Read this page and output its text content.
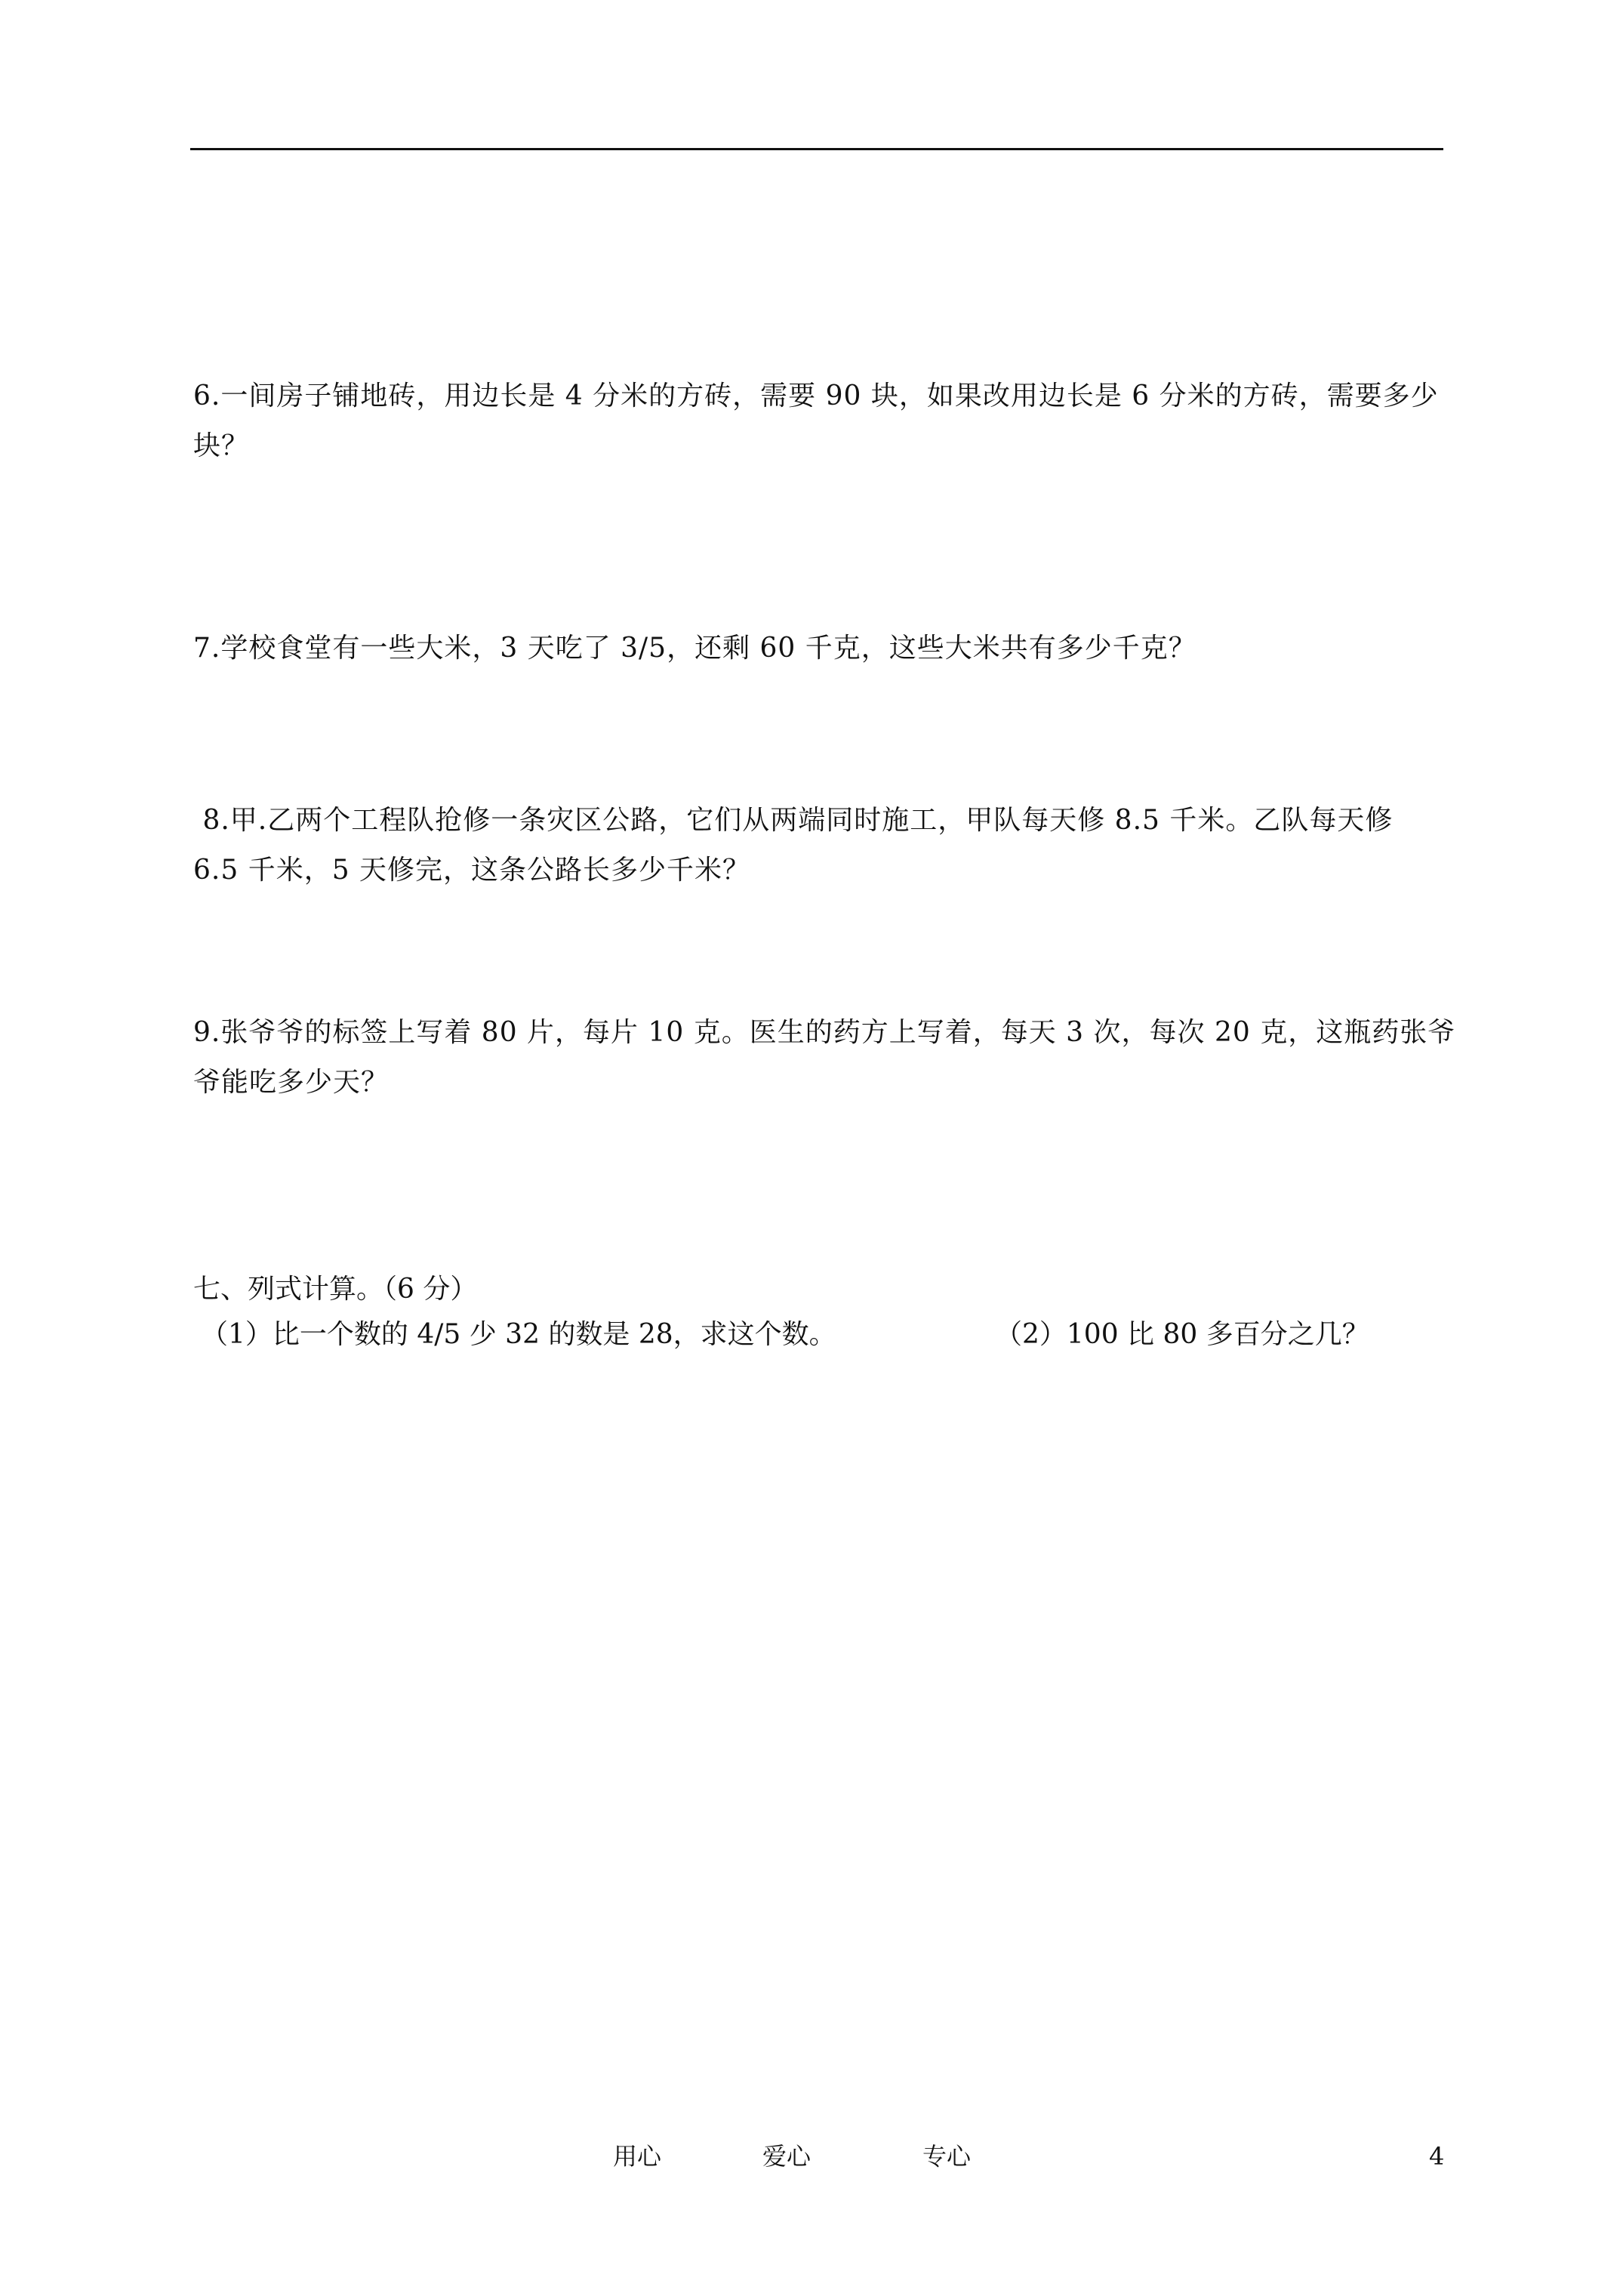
6.一间房子铺地砖，用边长是 4 分米的方砖，需要 90 块，如果改用边长是 6 分米的方砖，需要多少
块？
7.学校食堂有一些大米，3 天吃了 3/5，还剩 60 千克，这些大米共有多少千克？
8.甲.乙两个工程队抢修一条灾区公路，它们从两端同时施工，甲队每天修 8.5 千米。乙队每天修
6.5 千米，5 天修完，这条公路长多少千米？
9.张爷爷的标签上写着 80 片，每片 10 克。医生的药方上写着，每天 3 次，每次 20 克，这瓶药张爷
爷能吃多少天？
七、列式计算。（6 分）
（1）比一个数的 4/5 少 32 的数是 28，求这个数。	（2）100 比 80 多百分之几？
用心	爱心	专心	4
